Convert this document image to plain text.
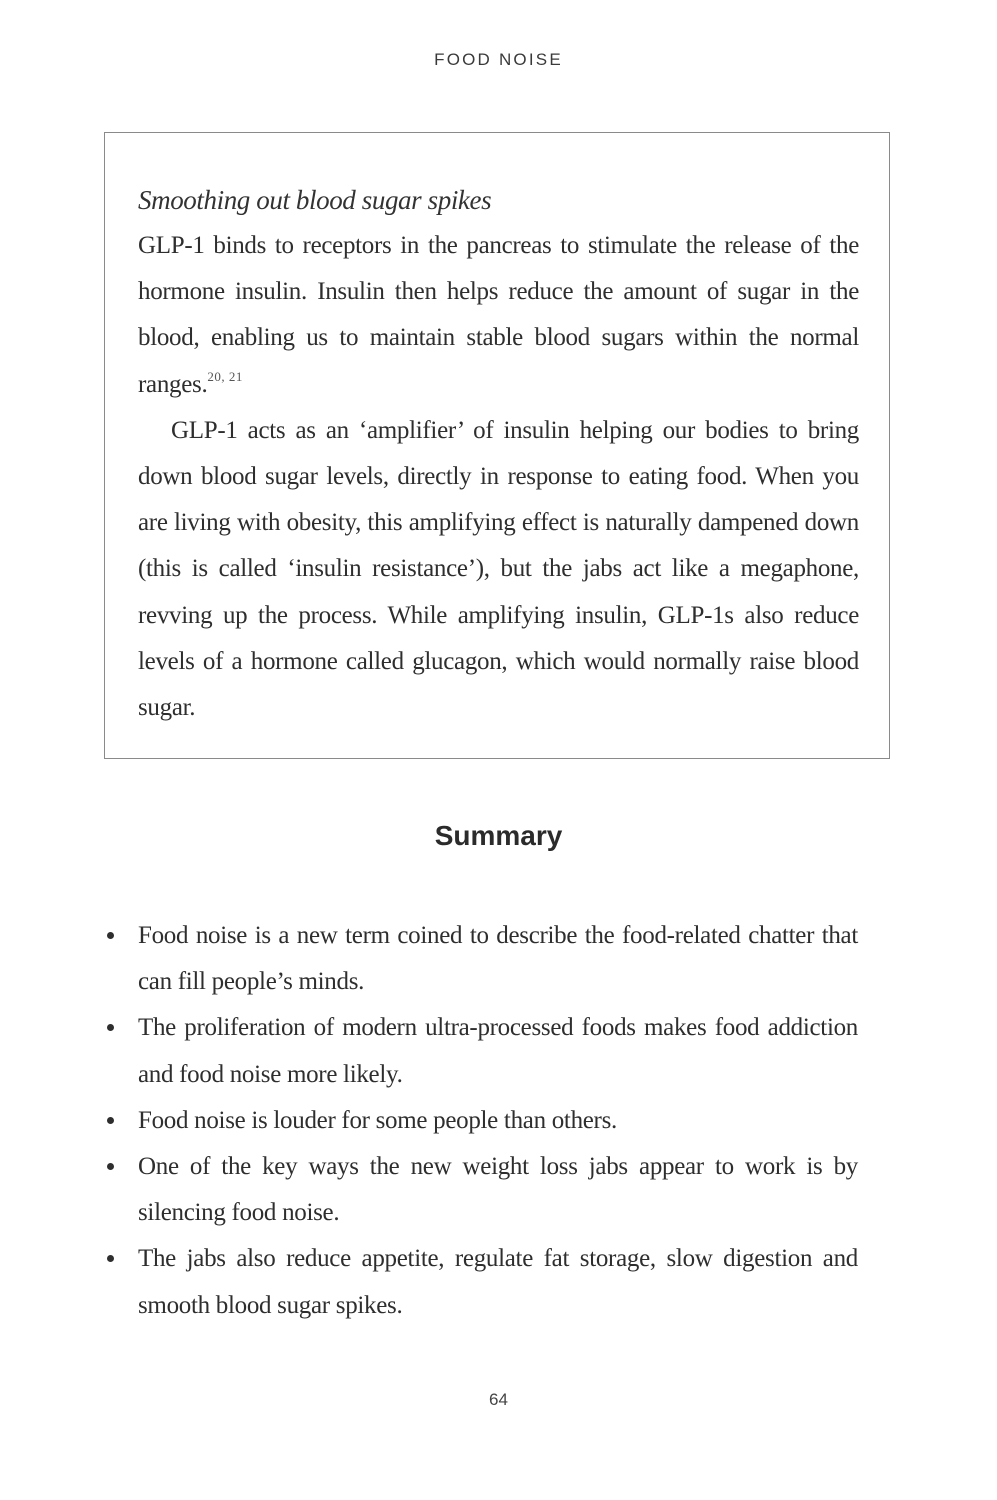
FOOD NOISE

Smoothing out blood sugar spikes

GLP-1 binds to receptors in the pancreas to stimulate the release of the hormone insulin. Insulin then helps reduce the amount of sugar in the blood, enabling us to maintain stable blood sugars within the normal ranges.$^{20, 21}$

GLP-1 acts as an ‘amplifier’ of insulin helping our bodies to bring down blood sugar levels, directly in response to eating food. When you are living with obesity, this amplifying effect is naturally dampened down (this is called ‘insulin resistance’), but the jabs act like a megaphone, revving up the process. While amplifying insulin, GLP-1s also reduce levels of a hormone called glucagon, which would normally raise blood sugar.

Summary
Food noise is a new term coined to describe the food-related chatter that can fill people’s minds.
The proliferation of modern ultra-processed foods makes food addiction and food noise more likely.
Food noise is louder for some people than others.
One of the key ways the new weight loss jabs appear to work is by silencing food noise.
The jabs also reduce appetite, regulate fat storage, slow digestion and smooth blood sugar spikes.
64
